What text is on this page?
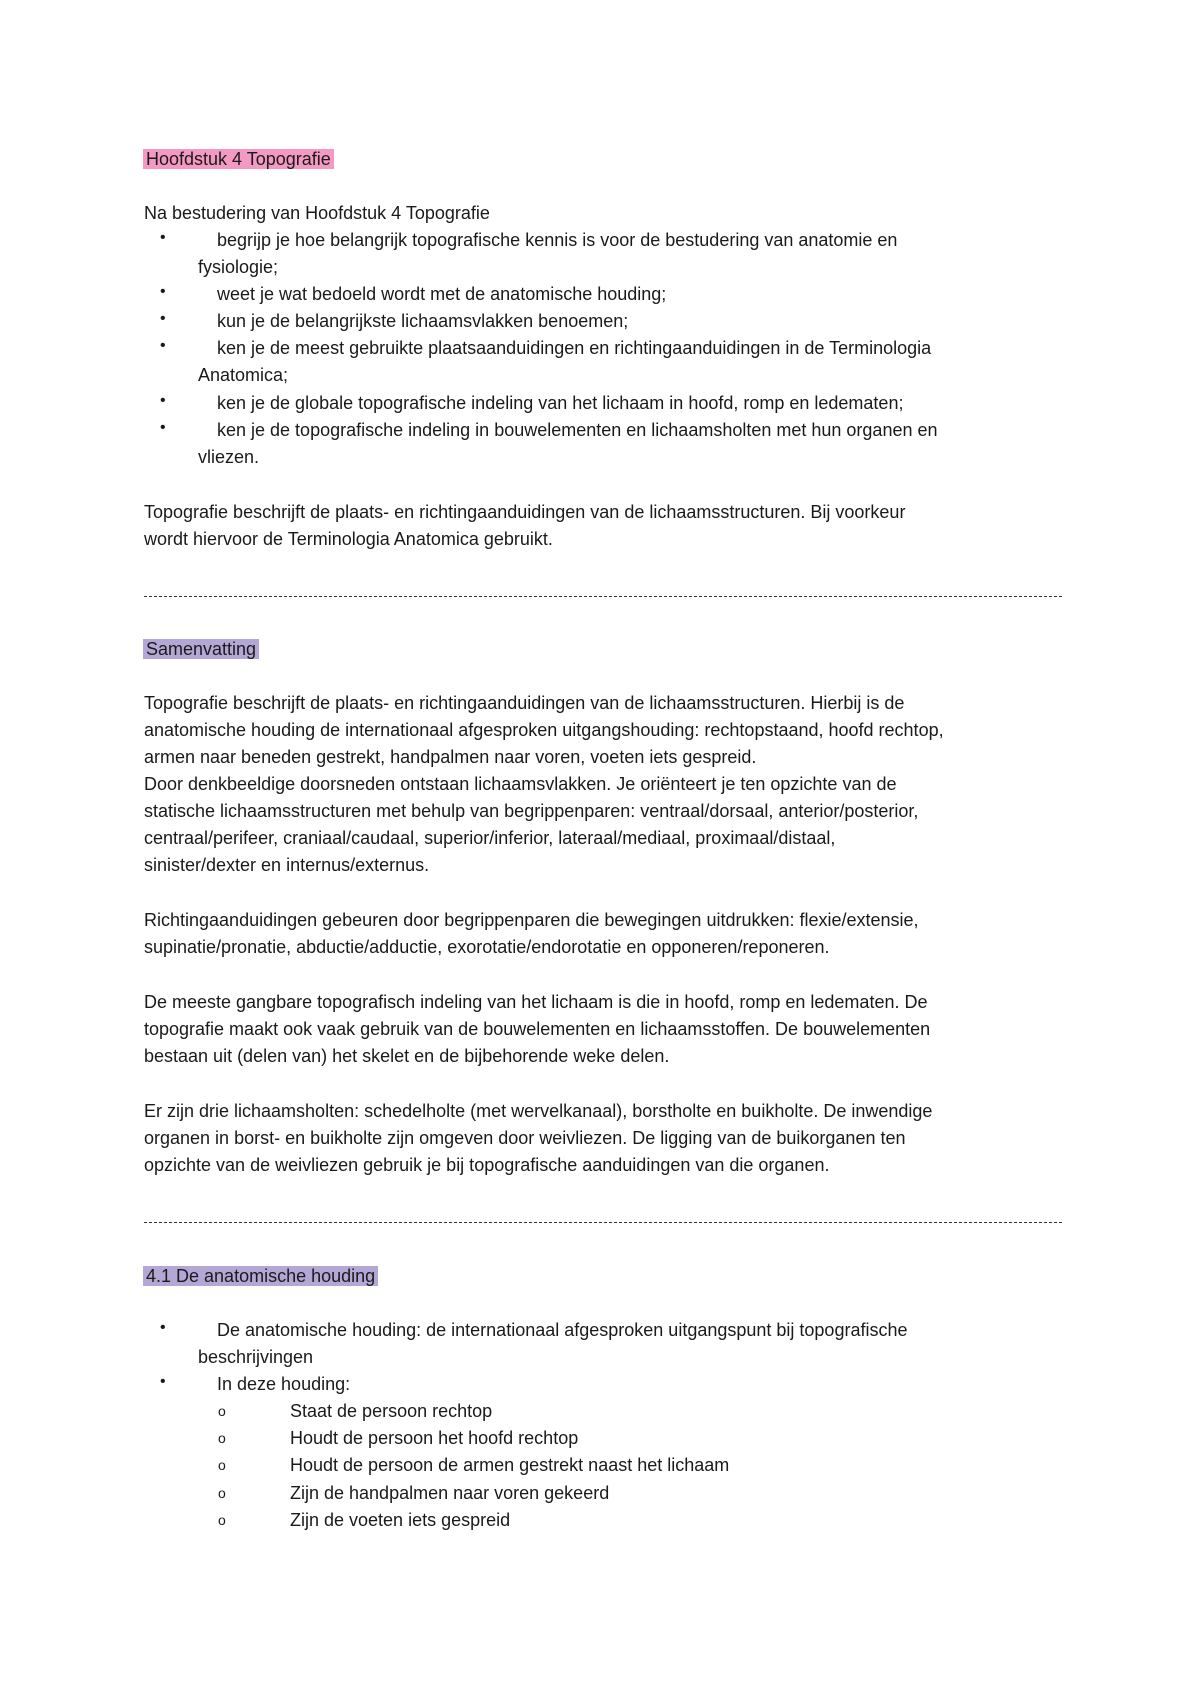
Hoofdstuk 4 Topografie
Na bestudering van Hoofdstuk 4 Topografie
•	begrijp je hoe belangrijk topografische kennis is voor de bestudering van anatomie en
fysiologie;
•	weet je wat bedoeld wordt met de anatomische houding;
•	kun je de belangrijkste lichaamsvlakken benoemen;
•	ken je de meest gebruikte plaatsaanduidingen en richtingaanduidingen in de Terminologia
Anatomica;
•	ken je de globale topografische indeling van het lichaam in hoofd, romp en ledematen;
•	ken je de topografische indeling in bouwelementen en lichaamsholten met hun organen en
vliezen.
Topografie beschrijft de plaats- en richtingaanduidingen van de lichaamsstructuren. Bij voorkeur
wordt hiervoor de Terminologia Anatomica gebruikt.
Samenvatting
Topografie beschrijft de plaats- en richtingaanduidingen van de lichaamsstructuren. Hierbij is de
anatomische houding de internationaal afgesproken uitgangshouding: rechtopstaand, hoofd rechtop,
armen naar beneden gestrekt, handpalmen naar voren, voeten iets gespreid.
Door denkbeeldige doorsneden ontstaan lichaamsvlakken. Je oriënteert je ten opzichte van de
statische lichaamsstructuren met behulp van begrippenparen: ventraal/dorsaal, anterior/posterior,
centraal/perifeer, craniaal/caudaal, superior/inferior, lateraal/mediaal, proximaal/distaal,
sinister/dexter en internus/externus.
Richtingaanduidingen gebeuren door begrippenparen die bewegingen uitdrukken: flexie/extensie,
supinatie/pronatie, abductie/adductie, exorotatie/endorotatie en opponeren/reponeren.
De meeste gangbare topografisch indeling van het lichaam is die in hoofd, romp en ledematen. De
topografie maakt ook vaak gebruik van de bouwelementen en lichaamsstoffen. De bouwelementen
bestaan uit (delen van) het skelet en de bijbehorende weke delen.
Er zijn drie lichaamsholten: schedelholte (met wervelkanaal), borstholte en buikholte. De inwendige
organen in borst- en buikholte zijn omgeven door weivliezen. De ligging van de buikorganen ten
opzichte van de weivliezen gebruik je bij topografische aanduidingen van die organen.
4.1 De anatomische houding
•	De anatomische houding: de internationaal afgesproken uitgangspunt bij topografische
beschrijvingen
•	In deze houding:
o	Staat de persoon rechtop
o	Houdt de persoon het hoofd rechtop
o	Houdt de persoon de armen gestrekt naast het lichaam
o	Zijn de handpalmen naar voren gekeerd
o	Zijn de voeten iets gespreid
